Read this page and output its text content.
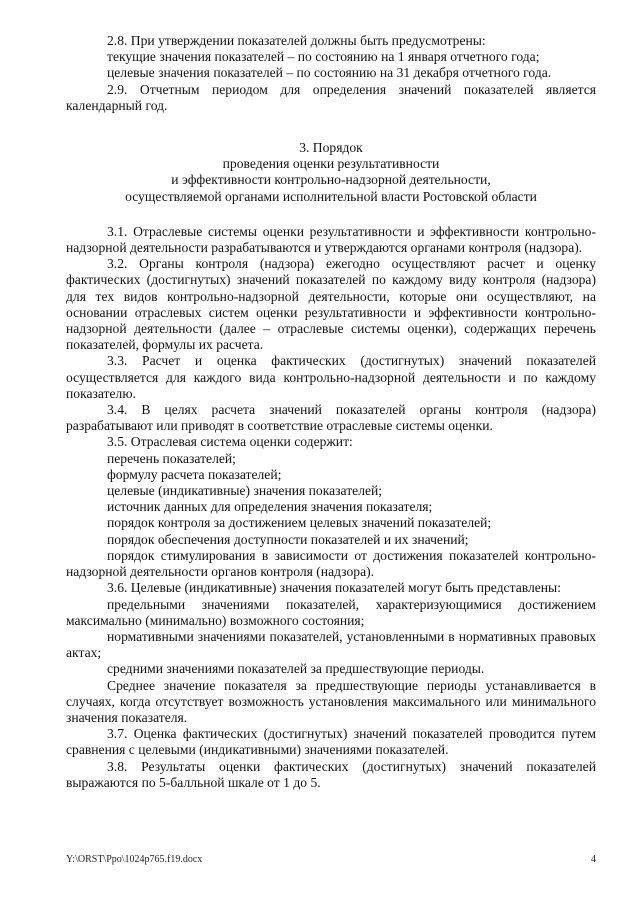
2.8. При утверждении показателей должны быть предусмотрены:

текущие значения показателей – по состоянию на 1 января отчетного года;

целевые значения показателей – по состоянию на 31 декабря отчетного года.

2.9. Отчетным периодом для определения значений показателей является календарный год.

3. Порядок
проведения оценки результативности
и эффективности контрольно-надзорной деятельности,
осуществляемой органами исполнительной власти Ростовской области

3.1. Отраслевые системы оценки результативности и эффективности контрольно-надзорной деятельности разрабатываются и утверждаются органами контроля (надзора).

3.2. Органы контроля (надзора) ежегодно осуществляют расчет и оценку фактических (достигнутых) значений показателей по каждому виду контроля (надзора) для тех видов контрольно-надзорной деятельности, которые они осуществляют, на основании отраслевых систем оценки результативности и эффективности контрольно-надзорной деятельности (далее – отраслевые системы оценки), содержащих перечень показателей, формулы их расчета.

3.3. Расчет и оценка фактических (достигнутых) значений показателей осуществляется для каждого вида контрольно-надзорной деятельности и по каждому показателю.

3.4. В целях расчета значений показателей органы контроля (надзора) разрабатывают или приводят в соответствие отраслевые системы оценки.

3.5. Отраслевая система оценки содержит:

перечень показателей;

формулу расчета показателей;

целевые (индикативные) значения показателей;

источник данных для определения значения показателя;

порядок контроля за достижением целевых значений показателей;

порядок обеспечения доступности показателей и их значений;

порядок стимулирования в зависимости от достижения показателей контрольно-надзорной деятельности органов контроля (надзора).

3.6. Целевые (индикативные) значения показателей могут быть представлены:

предельными значениями показателей, характеризующимися достижением максимально (минимально) возможного состояния;

нормативными значениями показателей, установленными в нормативных правовых актах;

средними значениями показателей за предшествующие периоды.

Среднее значение показателя за предшествующие периоды устанавливается в случаях, когда отсутствует возможность установления максимального или минимального значения показателя.

3.7. Оценка фактических (достигнутых) значений показателей проводится путем сравнения с целевыми (индикативными) значениями показателей.

3.8. Результаты оценки фактических (достигнутых) значений показателей выражаются по 5-балльной шкале от 1 до 5.

Y:\ORST\Ppo\1024p765.f19.docx	4
